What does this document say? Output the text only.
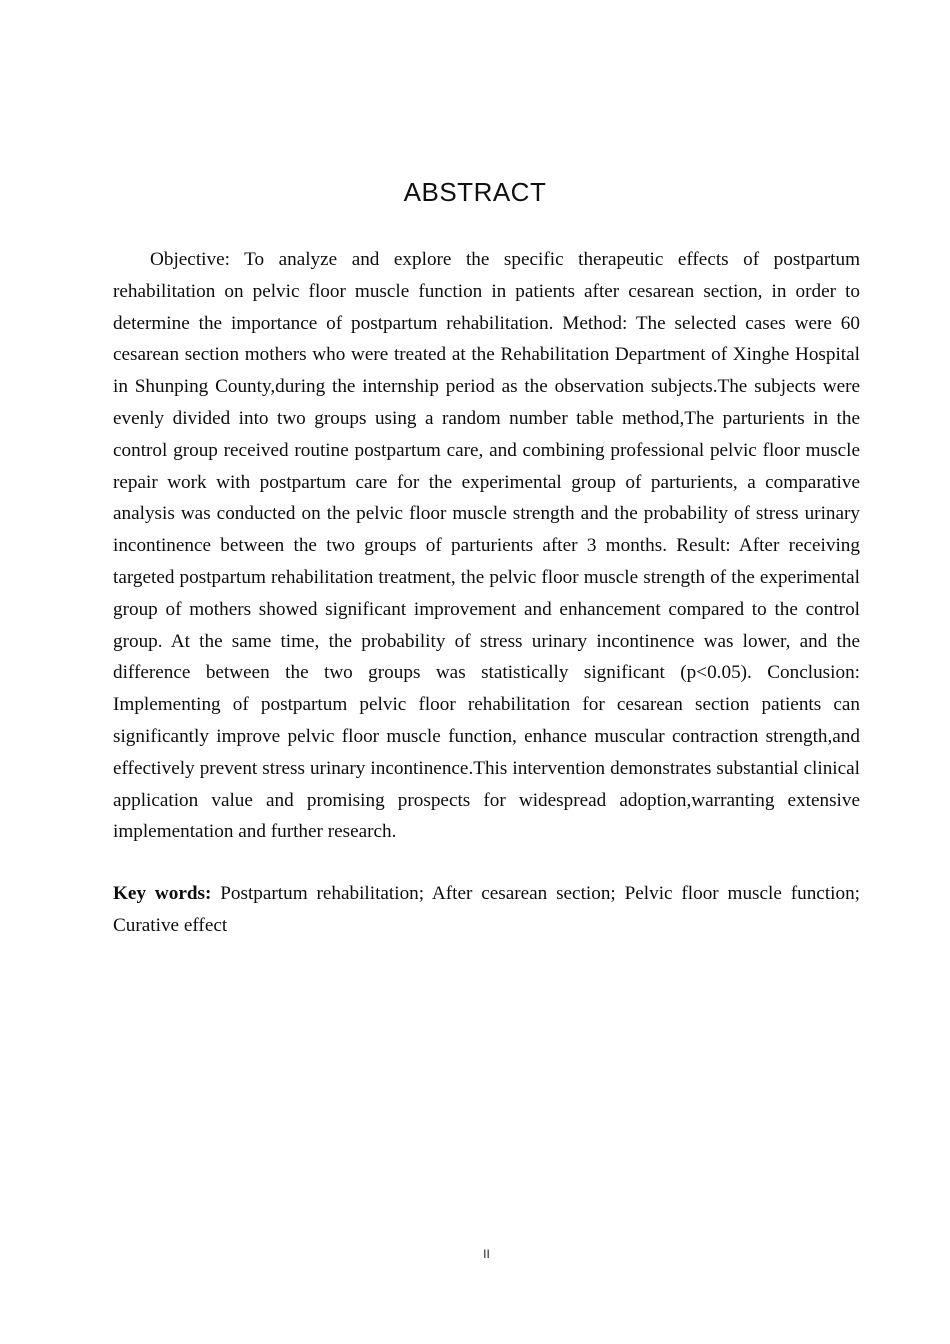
ABSTRACT

Objective: To analyze and explore the specific therapeutic effects of postpartum rehabilitation on pelvic floor muscle function in patients after cesarean section, in order to determine the importance of postpartum rehabilitation. Method: The selected cases were 60 cesarean section mothers who were treated at the Rehabilitation Department of Xinghe Hospital in Shunping County,during the internship period as the observation subjects.The subjects were evenly divided into two groups using a random number table method,The parturients in the control group received routine postpartum care, and combining professional pelvic floor muscle repair work with postpartum care for the experimental group of parturients, a comparative analysis was conducted on the pelvic floor muscle strength and the probability of stress urinary incontinence between the two groups of parturients after 3 months. Result: After receiving targeted postpartum rehabilitation treatment, the pelvic floor muscle strength of the experimental group of mothers showed significant improvement and enhancement compared to the control group. At the same time, the probability of stress urinary incontinence was lower, and the difference between the two groups was statistically significant (p<0.05). Conclusion: Implementing of postpartum pelvic floor rehabilitation for cesarean section patients can significantly improve pelvic floor muscle function, enhance muscular contraction strength,and effectively prevent stress urinary incontinence.This intervention demonstrates substantial clinical application value and promising prospects for widespread adoption,warranting extensive implementation and further research.

Key words: Postpartum rehabilitation; After cesarean section; Pelvic floor muscle function; Curative effect

II
